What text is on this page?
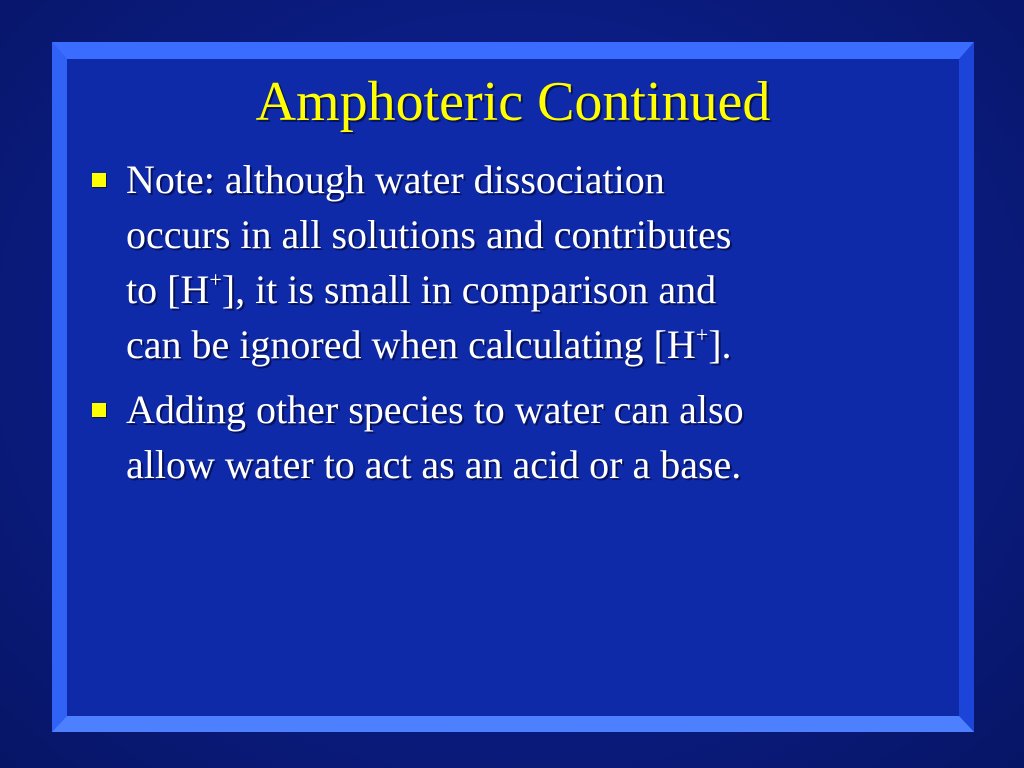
Amphoteric Continued
Note: although water dissociation
occurs in all solutions and contributes
to [H+], it is small in comparison and
can be ignored when calculating [H+].
Adding other species to water can also
allow water to act as an acid or a base.
